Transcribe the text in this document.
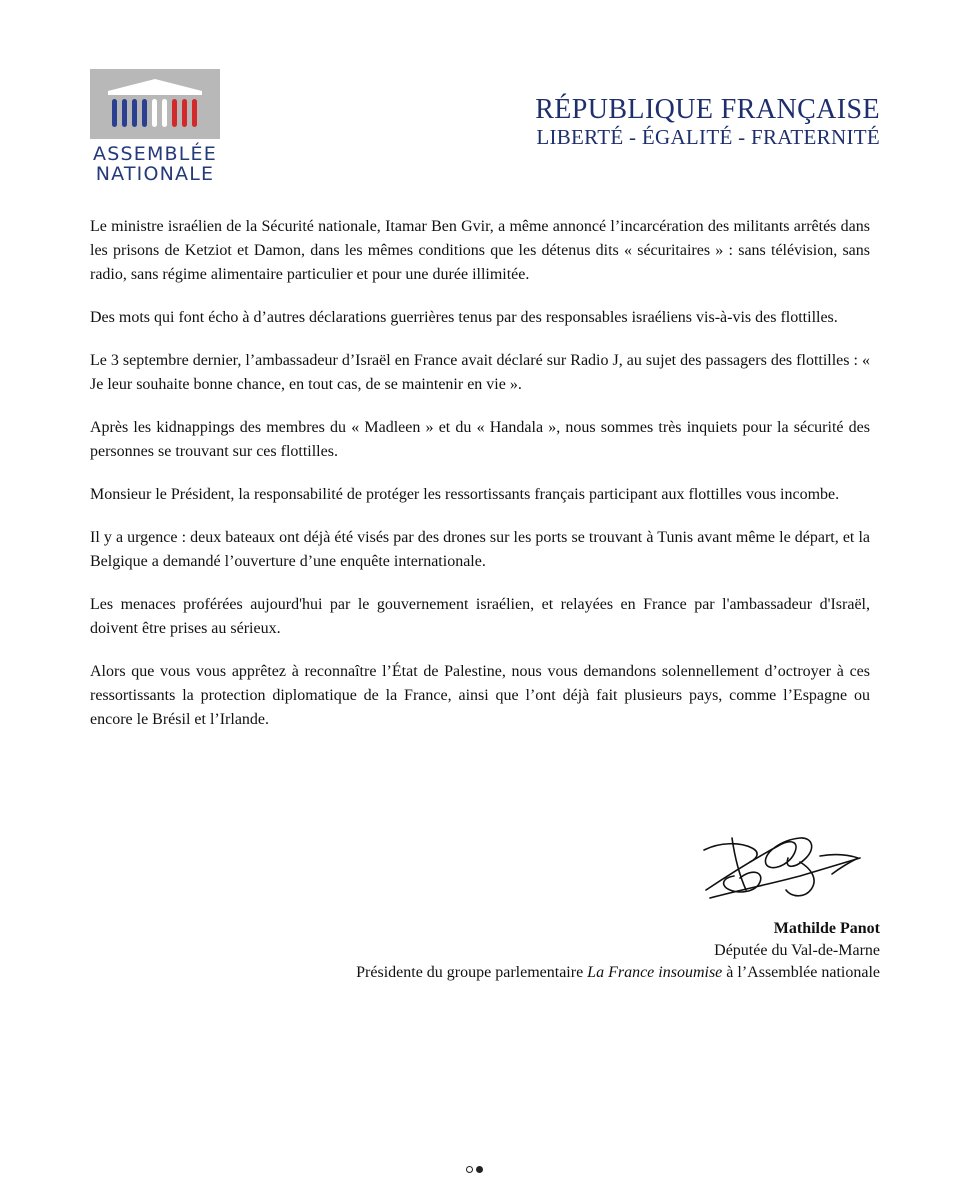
ASSEMBLÉE
NATIONALE
RÉPUBLIQUE FRANÇAISE
LIBERTÉ - ÉGALITÉ - FRATERNITÉ

Le ministre israélien de la Sécurité nationale, Itamar Ben Gvir, a même annoncé l’incarcération des militants arrêtés dans les prisons de Ketziot et Damon, dans les mêmes conditions que les détenus dits « sécuritaires » : sans télévision, sans radio, sans régime alimentaire particulier et pour une durée illimitée.

Des mots qui font écho à d’autres déclarations guerrières tenus par des responsables israéliens vis-à-vis des flottilles.

Le 3 septembre dernier, l’ambassadeur d’Israël en France avait déclaré sur Radio J, au sujet des passagers des flottilles : « Je leur souhaite bonne chance, en tout cas, de se maintenir en vie ».

Après les kidnappings des membres du « Madleen » et du « Handala », nous sommes très inquiets pour la sécurité des personnes se trouvant sur ces flottilles.

Monsieur le Président, la responsabilité de protéger les ressortissants français participant aux flottilles vous incombe.

Il y a urgence : deux bateaux ont déjà été visés par des drones sur les ports se trouvant à Tunis avant même le départ, et la Belgique a demandé l’ouverture d’une enquête internationale.

Les menaces proférées aujourd'hui par le gouvernement israélien, et relayées en France par l'ambassadeur d'Israël, doivent être prises au sérieux.

Alors que vous vous apprêtez à reconnaître l’État de Palestine, nous vous demandons solennellement d’octroyer à ces ressortissants la protection diplomatique de la France, ainsi que l’ont déjà fait plusieurs pays, comme l’Espagne ou encore le Brésil et l’Irlande.

Mathilde Panot
Députée du Val-de-Marne
Présidente du groupe parlementaire La France insoumise à l’Assemblée nationale
